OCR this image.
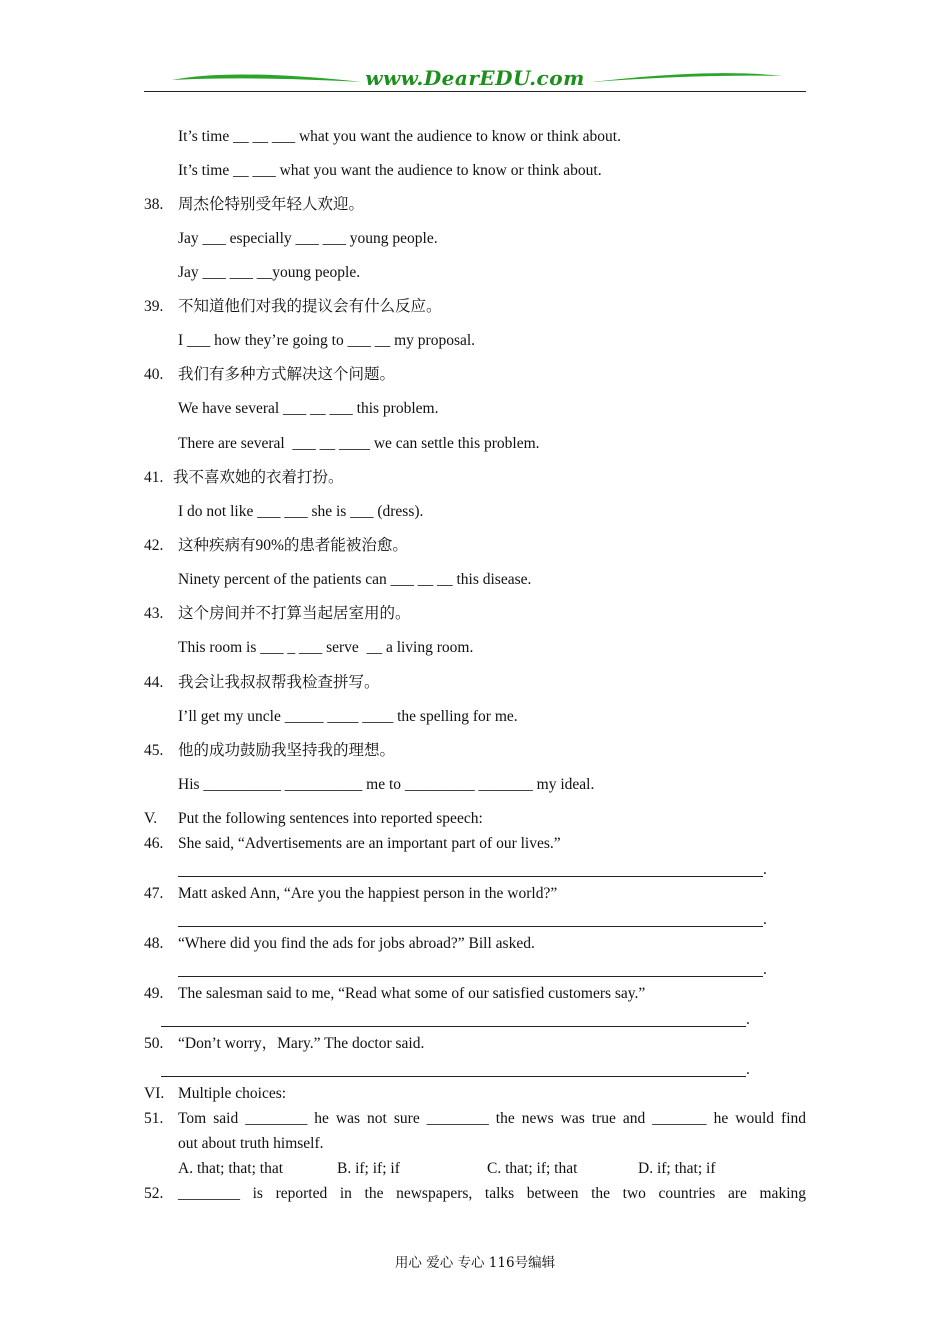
www.DearEDU.com
It’s time __ __ ___ what you want the audience to know or think about.
It’s time __ ___ what you want the audience to know or think about.
38. 周杰伦特别受年轻人欢迎。
Jay ___ especially ___ ___ young people.
Jay ___ ___ __young people.
39. 不知道他们对我的提议会有什么反应。
I ___ how they’re going to ___ __ my proposal.
40. 我们有多种方式解决这个问题。
We have several ___ __ ___ this problem.
There are several  ___ __ ____ we can settle this problem.
41. 我不喜欢她的衣着打扮。
I do not like ___ ___ she is ___ (dress).
42. 这种疾病有90%的患者能被治愈。
Ninety percent of the patients can ___ __ __ this disease.
43. 这个房间并不打算当起居室用的。
This room is ___ _ ___ serve  __ a living room.
44. 我会让我叔叔帮我检查拼写。
I’ll get my uncle _____ ____ ____ the spelling for me.
45. 他的成功鼓励我坚持我的理想。
His __________ __________ me to _________ _______ my ideal.
V. Put the following sentences into reported speech:
46. She said, “Advertisements are an important part of our lives.”
.
47. Matt asked Ann, “Are you the happiest person in the world?”
.
48. “Where did you find the ads for jobs abroad?” Bill asked.
.
49. The salesman said to me, “Read what some of our satisfied customers say.”
.
50. “Don’t worry，Mary.” The doctor said.
.
VI. Multiple choices:
51. Tom said ________ he was not sure ________ the news was true and _______ he would find
out about truth himself.
A. that; that; that	B. if; if; if	C. that; if; that	D. if; that; if
52. ________ is reported in the newspapers, talks between the two countries are making
用心 爱心 专心 116号编辑
